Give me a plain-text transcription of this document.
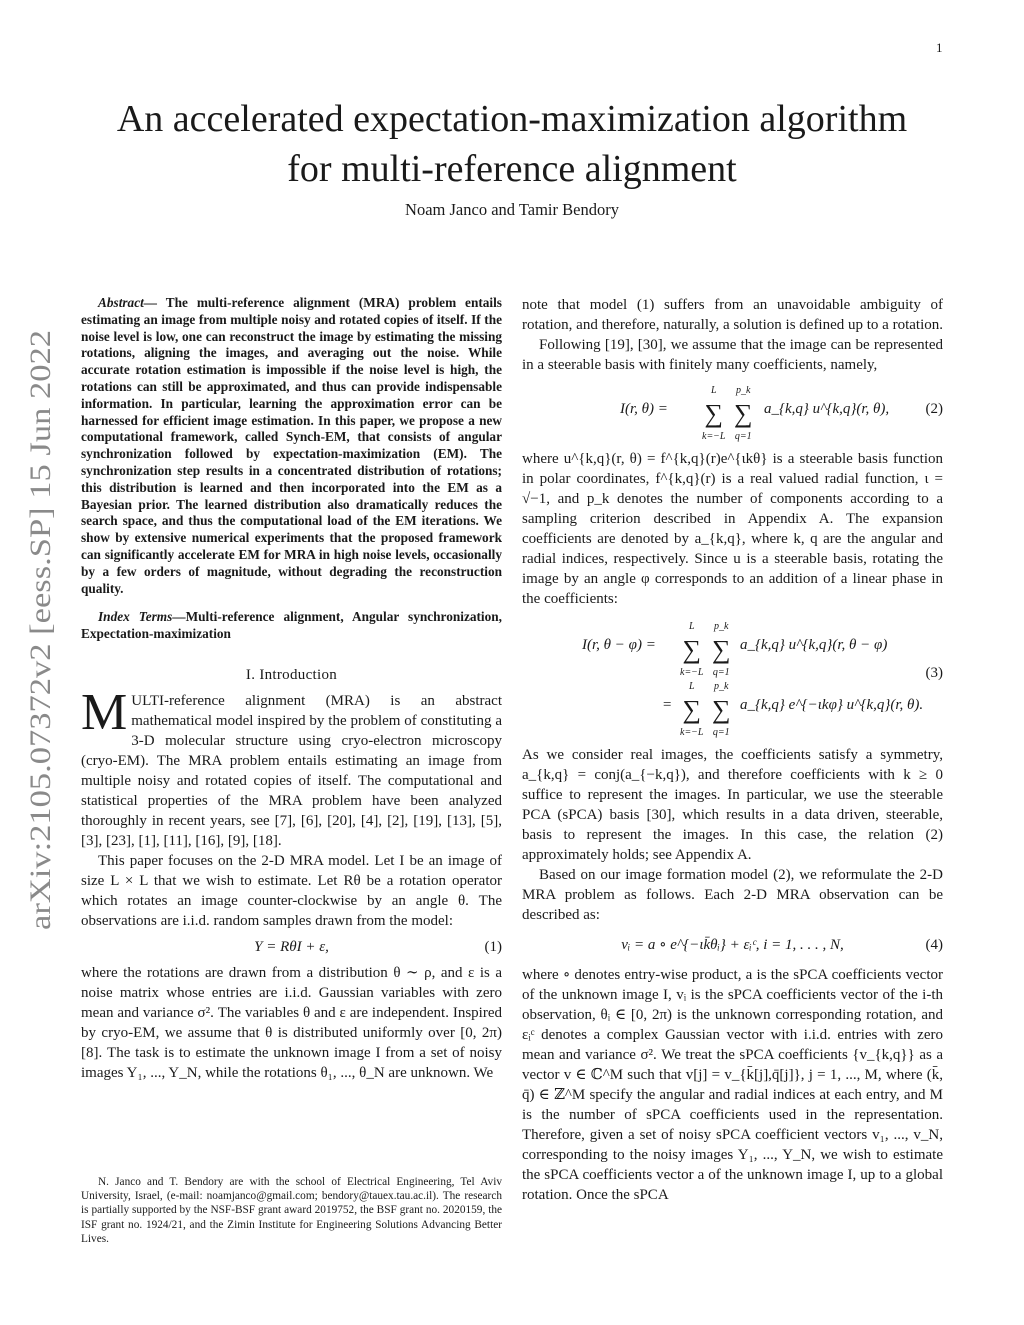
1
An accelerated expectation-maximization algorithm
for multi-reference alignment
Noam Janco and Tamir Bendory
arXiv:2105.07372v2 [eess.SP] 15 Jun 2022

Abstract— The multi-reference alignment (MRA) problem entails estimating an image from multiple noisy and rotated copies of itself. If the noise level is low, one can reconstruct the image by estimating the missing rotations, aligning the images, and averaging out the noise. While accurate rotation estimation is impossible if the noise level is high, the rotations can still be approximated, and thus can provide indispensable information. In particular, learning the approximation error can be harnessed for efficient image estimation. In this paper, we propose a new computational framework, called Synch-EM, that consists of angular synchronization followed by expectation-maximization (EM). The synchronization step results in a concentrated distribution of rotations; this distribution is learned and then incorporated into the EM as a Bayesian prior. The learned distribution also dramatically reduces the search space, and thus the computational load of the EM iterations. We show by extensive numerical experiments that the proposed framework can significantly accelerate EM for MRA in high noise levels, occasionally by a few orders of magnitude, without degrading the reconstruction quality.

Index Terms—Multi-reference alignment, Angular synchronization, Expectation-maximization

I. Introduction

MULTI-reference alignment (MRA) is an abstract mathematical model inspired by the problem of constituting a 3-D molecular structure using cryo-electron microscopy (cryo-EM). The MRA problem entails estimating an image from multiple noisy and rotated copies of itself. The computational and statistical properties of the MRA problem have been analyzed thoroughly in recent years, see [7], [6], [20], [4], [2], [19], [13], [5], [3], [23], [1], [11], [16], [9], [18].

This paper focuses on the 2-D MRA model. Let I be an image of size L × L that we wish to estimate. Let Rθ be a rotation operator which rotates an image counter-clockwise by an angle θ. The observations are i.i.d. random samples drawn from the model:

Y = RθI + ε,	(1)

where the rotations are drawn from a distribution θ ∼ ρ, and ε is a noise matrix whose entries are i.i.d. Gaussian variables with zero mean and variance σ². The variables θ and ε are independent. Inspired by cryo-EM, we assume that θ is distributed uniformly over [0, 2π) [8]. The task is to estimate the unknown image I from a set of noisy images Y₁, ..., Y_N, while the rotations θ₁, ..., θ_N are unknown. We

N. Janco and T. Bendory are with the school of Electrical Engineering, Tel Aviv University, Israel, (e-mail: noamjanco@gmail.com; bendory@tauex.tau.ac.il). The research is partially supported by the NSF-BSF grant award 2019752, the BSF grant no. 2020159, the ISF grant no. 1924/21, and the Zimin Institute for Engineering Solutions Advancing Better Lives.

note that model (1) suffers from an unavoidable ambiguity of rotation, and therefore, naturally, a solution is defined up to a rotation.

Following [19], [30], we assume that the image can be represented in a steerable basis with finitely many coefficients, namely,

I(r, θ) =
L
∑
k=−L
p_k
∑
q=1
a_{k,q} u^{k,q}(r, θ), (2)

where u^{k,q}(r, θ) = f^{k,q}(r)e^{ιkθ} is a steerable basis function in polar coordinates, f^{k,q}(r) is a real valued radial function, ι = √−1, and p_k denotes the number of components according to a sampling criterion described in Appendix A. The expansion coefficients are denoted by a_{k,q}, where k, q are the angular and radial indices, respectively. Since u is a steerable basis, rotating the image by an angle φ corresponds to an addition of a linear phase in the coefficients:

I(r, θ − φ) =
L
∑
k=−L
p_k
∑
q=1
a_{k,q} u^{k,q}(r, θ − φ)
=
L
∑
k=−L
p_k
∑
q=1
a_{k,q} e^{−ιkφ} u^{k,q}(r, θ).
(3)

As we consider real images, the coefficients satisfy a symmetry, a_{k,q} = conj(a_{−k,q}), and therefore coefficients with k ≥ 0 suffice to represent the images. In particular, we use the steerable PCA (sPCA) basis [30], which results in a data driven, steerable, basis to represent the images. In this case, the relation (2) approximately holds; see Appendix A.

Based on our image formation model (2), we reformulate the 2-D MRA problem as follows. Each 2-D MRA observation can be described as:

vᵢ = a ∘ e^{−ιk̄θᵢ} + εᵢᶜ, i = 1, . . . , N,	(4)

where ∘ denotes entry-wise product, a is the sPCA coefficients vector of the unknown image I, vᵢ is the sPCA coefficients vector of the i-th observation, θᵢ ∈ [0, 2π) is the unknown corresponding rotation, and εᵢᶜ denotes a complex Gaussian vector with i.i.d. entries with zero mean and variance σ². We treat the sPCA coefficients {v_{k,q}} as a vector v ∈ ℂ^M such that v[j] = v_{k̄[j],q̄[j]}, j = 1, ..., M, where (k̄, q̄) ∈ ℤ^M specify the angular and radial indices at each entry, and M is the number of sPCA coefficients used in the representation. Therefore, given a set of noisy sPCA coefficient vectors v₁, ..., v_N, corresponding to the noisy images Y₁, ..., Y_N, we wish to estimate the sPCA coefficients vector a of the unknown image I, up to a global rotation. Once the sPCA
